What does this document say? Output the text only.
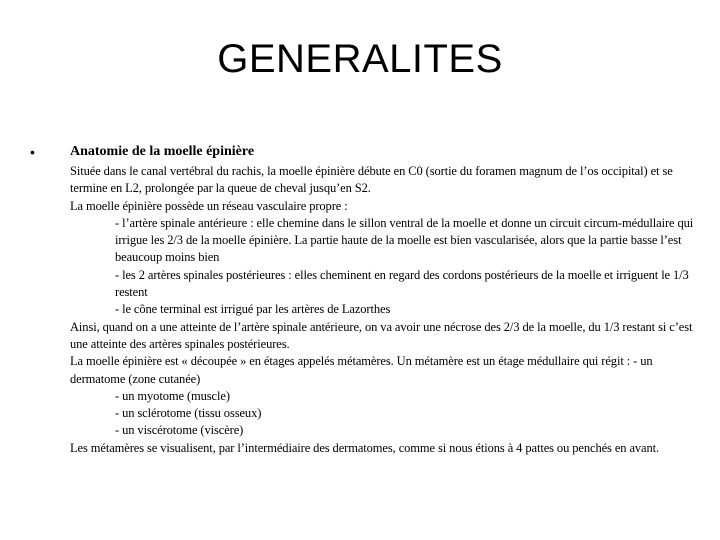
GENERALITES
•	Anatomie de la moelle épinière

Située dans le canal vertébral du rachis, la moelle épinière débute en C0 (sortie du foramen magnum de l’os occipital) et se termine en L2, prolongée par la queue de cheval jusqu’en S2.

La moelle épinière possède un réseau vasculaire propre :

- l’artère spinale antérieure : elle chemine dans le sillon ventral de la moelle et donne un circuit circum-médullaire qui irrigue les 2/3 de la moelle épinière. La partie haute de la moelle est bien vascularisée, alors que la partie basse l’est beaucoup moins bien

- les 2 artères spinales postérieures : elles cheminent en regard des cordons postérieurs de la moelle et irriguent le 1/3 restent

- le cône terminal est irrigué par les artères de Lazorthes

Ainsi, quand on a une atteinte de l’artère spinale antérieure, on va avoir une nécrose des 2/3 de la moelle, du 1/3 restant si c’est une atteinte des artères spinales postérieures.

La moelle épinière est « découpée » en étages appelés métamères. Un métamère est un étage médullaire qui régit : - un dermatome (zone cutanée)

- un myotome (muscle)

- un sclérotome (tissu osseux)

- un viscérotome (viscère)

Les métamères se visualisent, par l’intermédiaire des dermatomes, comme si nous étions à 4 pattes ou penchés en avant.
